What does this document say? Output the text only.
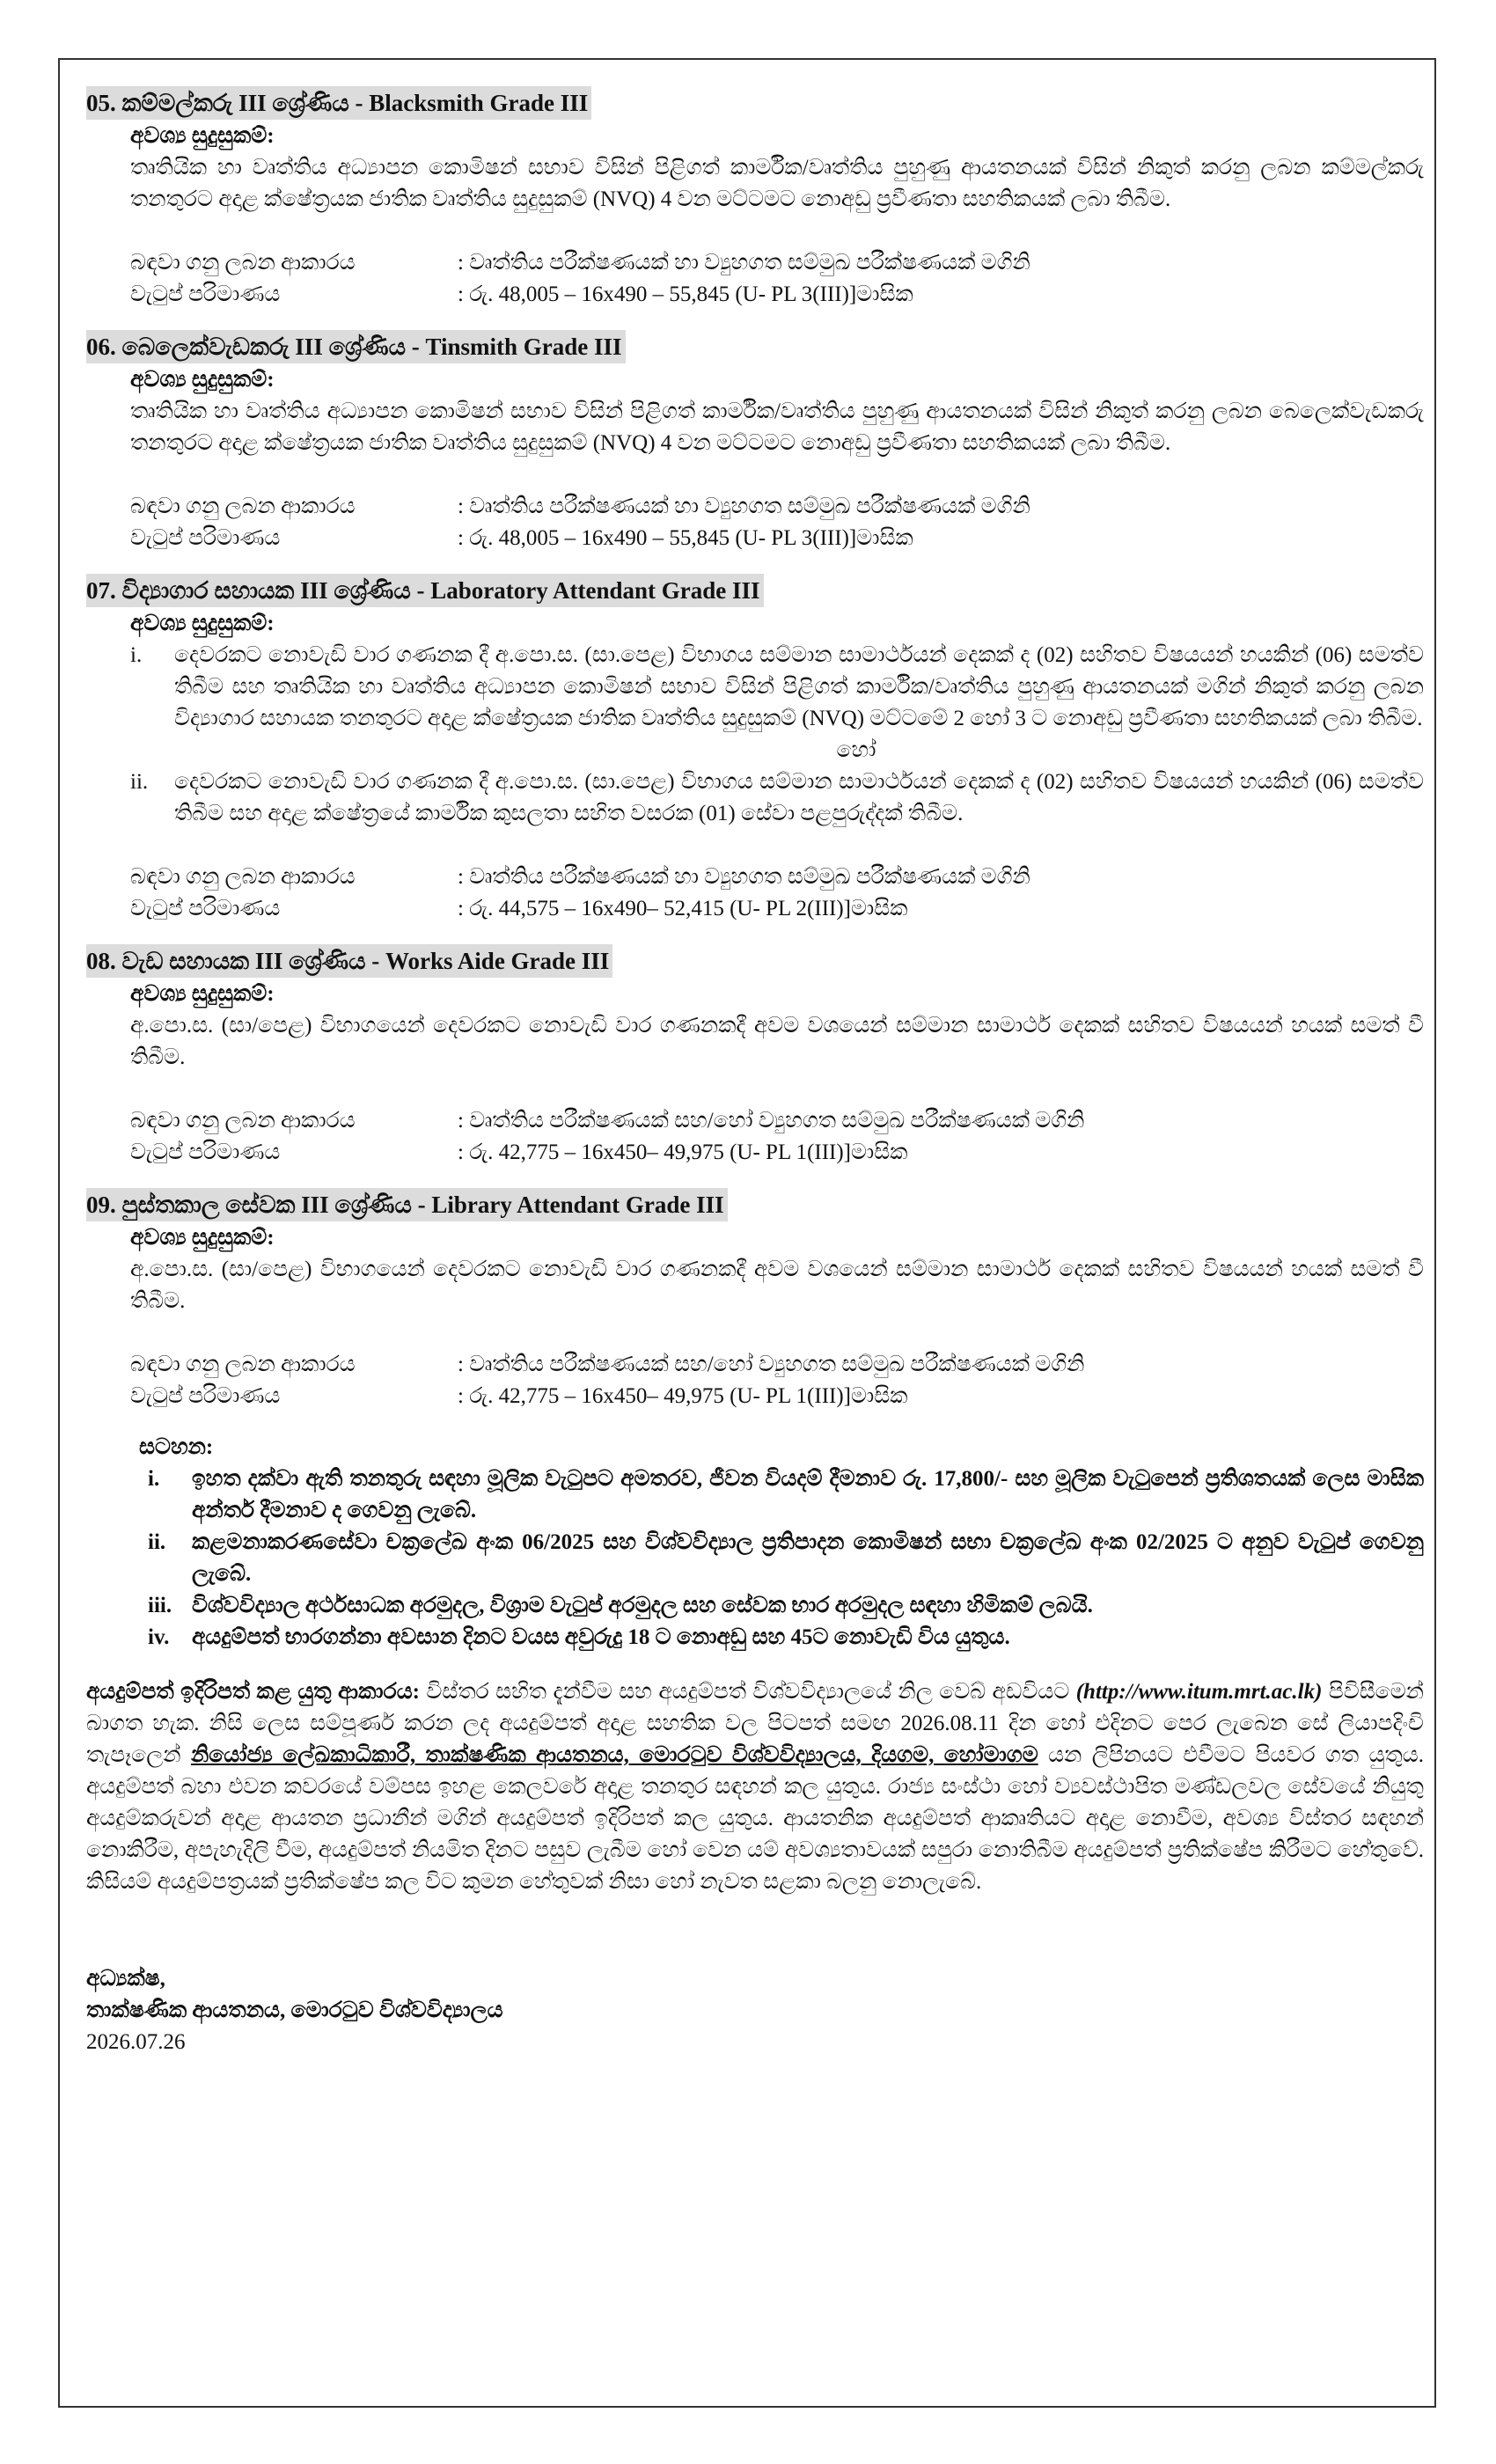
05. කම්මල්කරු III ශ්‍රේණිය - Blacksmith Grade III
අවශ්‍ය සුදුසුකම්:
තෘතියික හා වෘත්තිය අධ්‍යාපන කොමිෂන් සභාව විසින් පිළිගත් කාර්මික/වෘත්තිය පුහුණු ආයතනයක් විසින් නිකුත් කරනු ලබන කම්මල්කරු තනතුරට අදාළ ක්ෂේත්‍රයක ජාතික වෘත්තිය සුදුසුකම් (NVQ) 4 වන මට්ටමට නොඅඩු ප්‍රවීණතා සහතිකයක් ලබා තිබීම.
බඳවා ගනු ලබන ආකාරය	: වෘත්තිය පරීක්ෂණයක් හා ව්‍යුහගත සම්මුඛ පරීක්ෂණයක් මගිනි
වැටුප් පරිමාණය	: රු. 48,005 – 16x490 – 55,845 (U- PL 3(III)]මාසික
06. බෙලෙක්වැඩකරු III ශ්‍රේණිය - Tinsmith Grade III
අවශ්‍ය සුදුසුකම්:
තෘතියික හා වෘත්තිය අධ්‍යාපන කොමිෂන් සභාව විසින් පිළිගත් කාර්මික/වෘත්තිය පුහුණු ආයතනයක් විසින් නිකුත් කරනු ලබන බෙලෙක්වැඩකරු තනතුරට අදාළ ක්ෂේත්‍රයක ජාතික වෘත්තිය සුදුසුකම් (NVQ) 4 වන මට්ටමට නොඅඩු ප්‍රවීණතා සහතිකයක් ලබා තිබීම.
බඳවා ගනු ලබන ආකාරය	: වෘත්තිය පරීක්ෂණයක් හා ව්‍යුහගත සම්මුඛ පරීක්ෂණයක් මගිනි
වැටුප් පරිමාණය	: රු. 48,005 – 16x490 – 55,845 (U- PL 3(III)]මාසික
07. විද්‍යාගාර සහායක III ශ්‍රේණිය - Laboratory Attendant Grade III
අවශ්‍ය සුදුසුකම්:
i.	දෙවරකට නොවැඩි වාර ගණනක දී අ.පො.ස. (සා.පෙළ) විභාගය සම්මාන සාමාර්ථයන් දෙකක් ද (02) සහිතව විෂයයන් හයකින් (06) සමත්ව තිබීම සහ තෘතියික හා වෘත්තිය අධ්‍යාපන කොමිෂන් සභාව විසින් පිළිගත් කාර්මික/වෘත්තිය පුහුණු ආයතනයක් මගින් නිකුත් කරනු ලබන විද්‍යාගාර සහායක තනතුරට අදාළ ක්ෂේත්‍රයක ජාතික වෘත්තිය සුදුසුකම් (NVQ) මට්ටමේ 2 හෝ 3 ට නොඅඩු ප්‍රවීණතා සහතිකයක් ලබා තිබීම.
හෝ
ii.	දෙවරකට නොවැඩි වාර ගණනක දී අ.පො.ස. (සා.පෙළ) විභාගය සම්මාන සාමාර්ථයන් දෙකක් ද (02) සහිතව විෂයයන් හයකින් (06) සමත්ව තිබීම සහ අදාළ ක්ෂේත්‍රයේ කාර්මික කුසලතා සහිත වසරක (01) සේවා පළපුරුද්දක් තිබීම.
බඳවා ගනු ලබන ආකාරය	: වෘත්තිය පරීක්ෂණයක් හා ව්‍යුහගත සම්මුඛ පරීක්ෂණයක් මගිනි
වැටුප් පරිමාණය	: රු. 44,575 – 16x490– 52,415 (U- PL 2(III)]මාසික
08. වැඩ සහායක III ශ්‍රේණිය - Works Aide Grade III
අවශ්‍ය සුදුසුකම්:
අ.පො.ස. (සා/පෙළ) විභාගයෙන් දෙවරකට නොවැඩි වාර ගණනකදී අවම වශයෙන් සම්මාන සාමාර්ථ දෙකක් සහිතව විෂයයන් හයක් සමත් වී තිබීම.
බඳවා ගනු ලබන ආකාරය	: වෘත්තිය පරීක්ෂණයක් සහ/හෝ ව්‍යුහගත සම්මුඛ පරීක්ෂණයක් මගිනි
වැටුප් පරිමාණය	: රු. 42,775 – 16x450– 49,975 (U- PL 1(III)]මාසික
09. පුස්තකාල සේවක III ශ්‍රේණිය - Library Attendant Grade III
අවශ්‍ය සුදුසුකම්:
අ.පො.ස. (සා/පෙළ) විභාගයෙන් දෙවරකට නොවැඩි වාර ගණනකදී අවම වශයෙන් සම්මාන සාමාර්ථ දෙකක් සහිතව විෂයයන් හයක් සමත් වී තිබීම.
බඳවා ගනු ලබන ආකාරය	: වෘත්තිය පරීක්ෂණයක් සහ/හෝ ව්‍යුහගත සම්මුඛ පරීක්ෂණයක් මගිනි
වැටුප් පරිමාණය	: රු. 42,775 – 16x450– 49,975 (U- PL 1(III)]මාසික
සටහන:
i.	ඉහත දක්වා ඇති තනතුරු සඳහා මූලික වැටුපට අමතරව, ජීවන වියදම් දීමනාව රු. 17,800/- සහ මූලික වැටුපෙන් ප්‍රතිශතයක් ලෙස මාසික අන්තර් දීමනාව ද ගෙවනු ලැබේ.
ii.	කළමනාකරණසේවා චක්‍රලේඛ අංක 06/2025 සහ විශ්වවිද්‍යාල ප්‍රතිපාදන කොමිෂන් සභා චක්‍රලේඛ අංක 02/2025 ට අනුව වැටුප් ගෙවනු ලැබේ.
iii. විශ්වවිද්‍යාල අර්ථසාධක අරමුදල, විශ්‍රාම වැටුප් අරමුදල සහ සේවක භාර අරමුදල සඳහා හිමිකම් ලබයි.
iv.	අයදුම්පත් භාරගන්නා අවසාන දිනට වයස අවුරුදු 18 ට නොඅඩු සහ 45ට නොවැඩි විය යුතුය.
අයදුම්පත් ඉදිරිපත් කළ යුතු ආකාරය: විස්තර සහිත දැන්වීම සහ අයදුම්පත් විශ්වවිද්‍යාලයේ නිල වෙබ් අඩවියට (http://www.itum.mrt.ac.lk) පිවිසීමෙන් බාගත හැක. නිසි ලෙස සම්පූර්ණ කරන ලද අයදුම්පත් අදාළ සහතික වල පිටපත් සමඟ 2026.08.11 දින හෝ එදිනට පෙර ලැබෙන සේ ලියාපදිංචි තැපෑලෙන් නියෝජ්‍ය ලේඛකාධිකාරී, තාක්ෂණික ආයතනය, මොරටුව විශ්වවිද්‍යාලය, දියගම, හෝමාගම යන ලිපිනයට එවීමට පියවර ගත යුතුය. අයදුම්පත් බහා එවන කවරයේ වම්පස ඉහළ කෙලවරේ අදාළ තනතුර සඳහන් කල යුතුය. රාජ්‍ය සංස්ථා හෝ ව්‍යවස්ථාපිත මණ්ඩලවල සේවයේ නියුතු අයදුම්කරුවන් අදාළ ආයතන ප්‍රධානීන් මගින් අයදුම්පත් ඉදිරිපත් කල යුතුය. ආයතනික අයදුම්පත් ආකෘතියට අදාළ නොවීම, අවශ්‍ය විස්තර සඳහන් නොකිරීම, අපැහැදිලි වීම, අයදුම්පත් නියමිත දිනට පසුව ලැබීම හෝ වෙන යම් අවශ්‍යතාවයක් සපුරා නොතිබීම අයදුම්පත් ප්‍රතික්ෂේප කිරීමට හේතුවේ. කිසියම් අයදුම්පත්‍රයක් ප්‍රතික්ෂේප කල විට කුමන හේතුවක් නිසා හෝ නැවත සළකා බලනු නොලැබේ.
අධ්‍යක්ෂ,
තාක්ෂණික ආයතනය, මොරටුව විශ්වවිද්‍යාලය
2026.07.26
